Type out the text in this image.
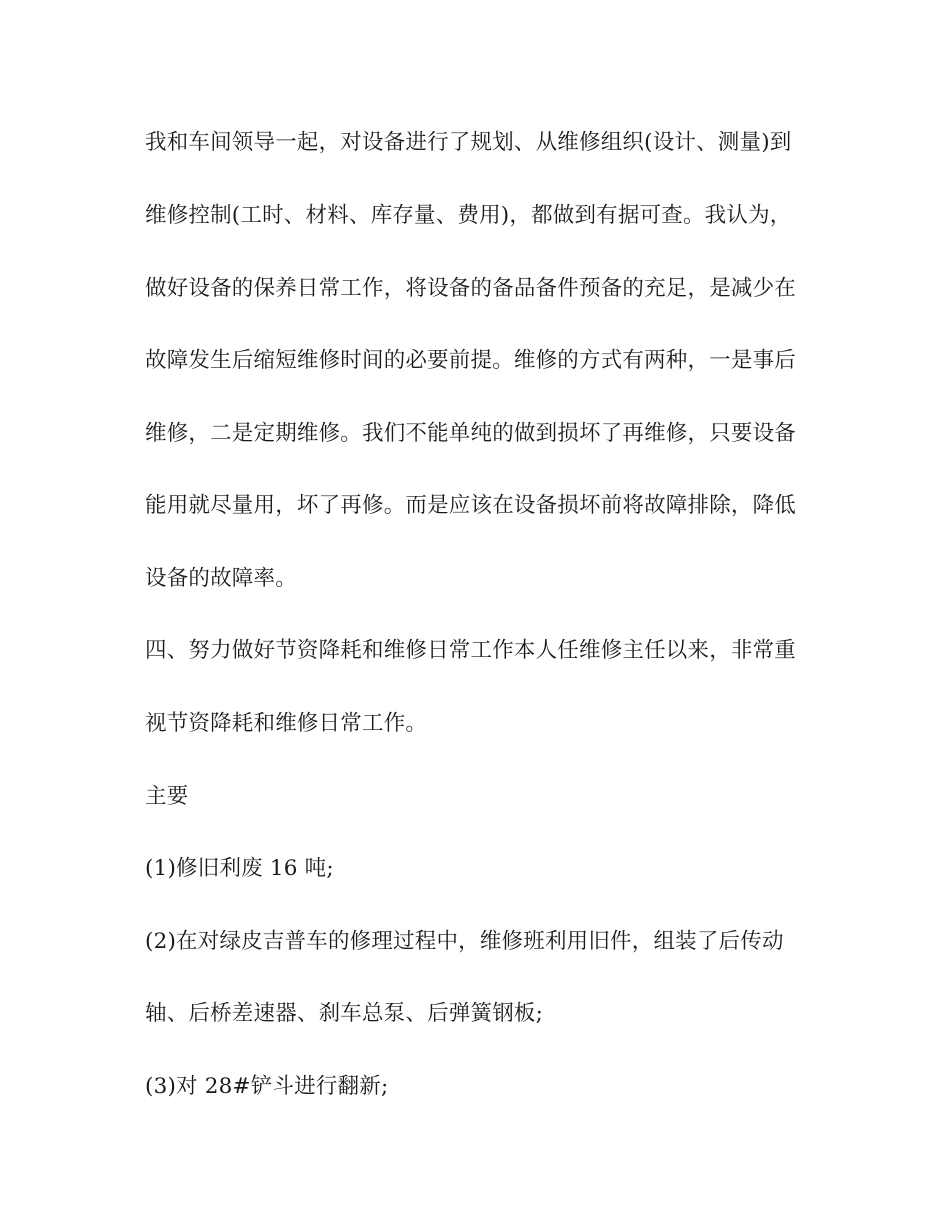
我和车间领导一起，对设备进行了规划、从维修组织(设计、测量)到
维修控制(工时、材料、库存量、费用)，都做到有据可查。我认为，
做好设备的保养日常工作，将设备的备品备件预备的充足，是减少在
故障发生后缩短维修时间的必要前提。维修的方式有两种，一是事后
维修，二是定期维修。我们不能单纯的做到损坏了再维修，只要设备
能用就尽量用，坏了再修。而是应该在设备损坏前将故障排除，降低
设备的故障率。
四、努力做好节资降耗和维修日常工作本人任维修主任以来，非常重
视节资降耗和维修日常工作。
主要
(1)修旧利废 16 吨;
(2)在对绿皮吉普车的修理过程中，维修班利用旧件，组装了后传动
轴、后桥差速器、刹车总泵、后弹簧钢板;
(3)对 28#铲斗进行翻新;
